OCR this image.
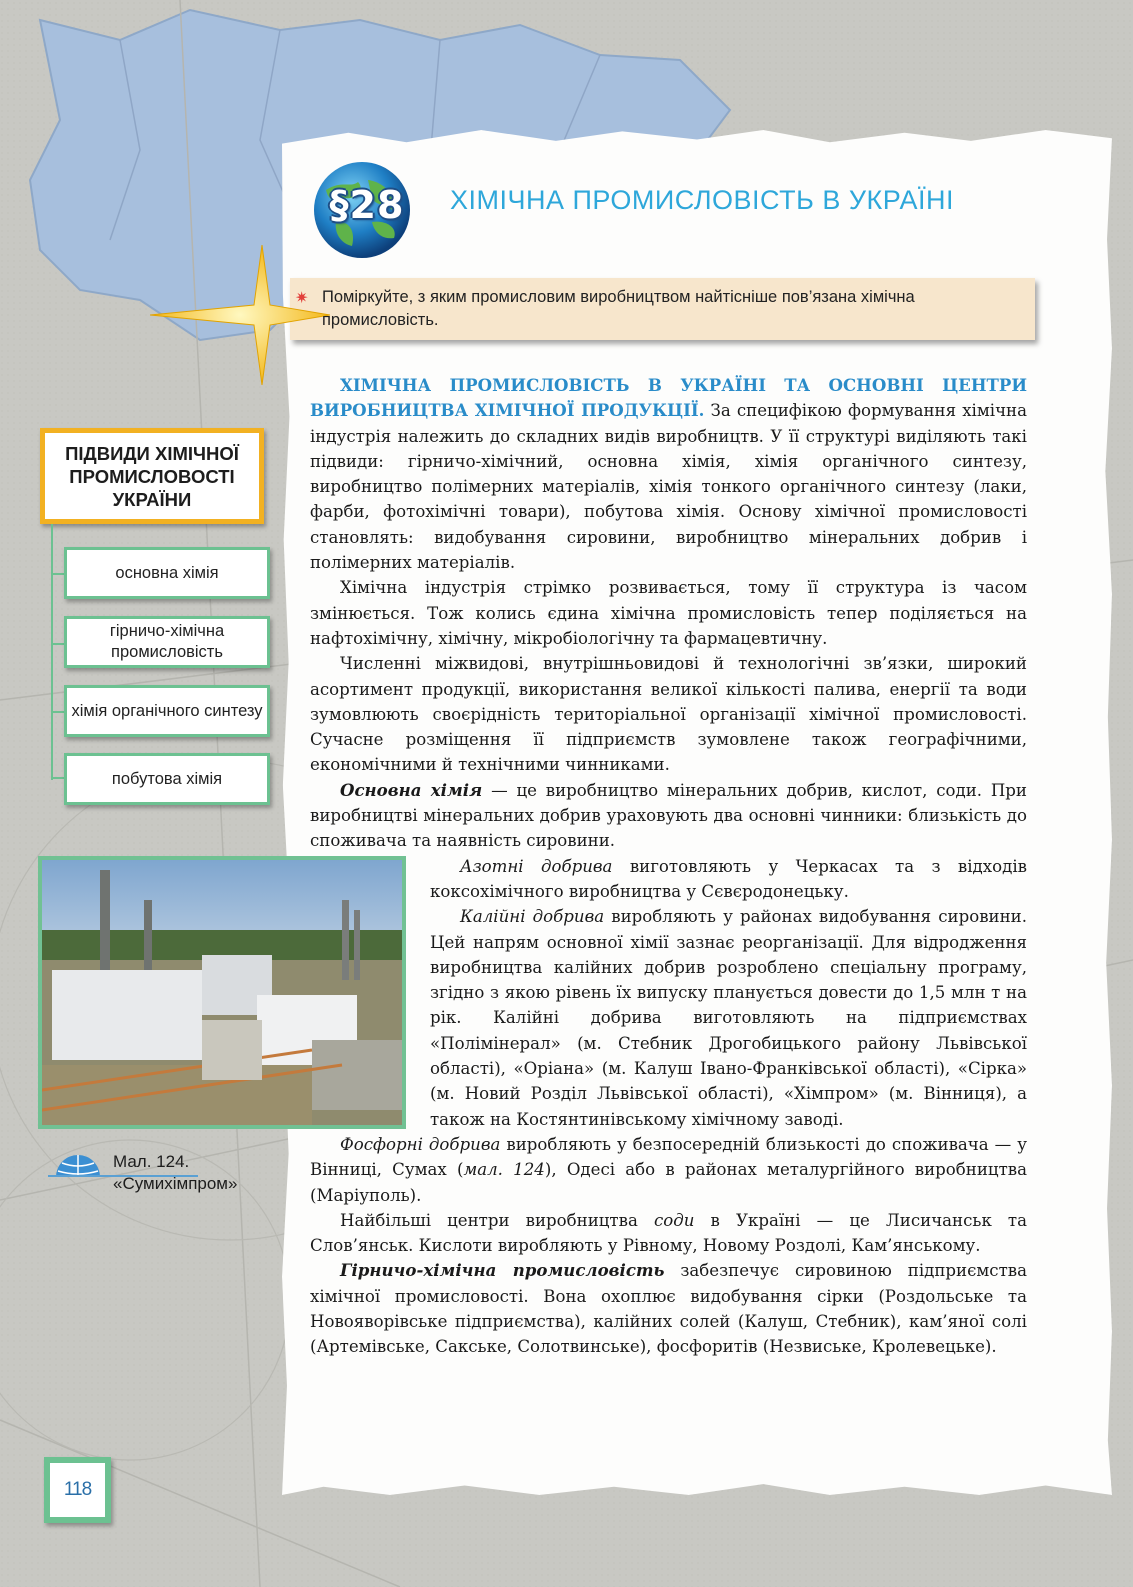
§28	ХІМІЧНА ПРОМИСЛОВІСТЬ В УКРАЇНІ
✷ Поміркуйте, з яким промисловим виробництвом найтісніше пов’язана хімічна промисловість.

ХІМІЧНА ПРОМИСЛОВІСТЬ В УКРАЇНІ ТА ОСНОВНІ ЦЕНТРИ ВИРОБНИЦТВА ХІМІЧНОЇ ПРОДУКЦІЇ. За специфікою формування хімічна індустрія належить до складних видів виробництв. У її структурі виділяють такі підвиди: гірничо-хімічний, основна хімія, хімія органічного синтезу, виробництво полімерних матеріалів, хімія тонкого органічного синтезу (лаки, фарби, фотохімічні товари), побутова хімія. Основу хімічної промисловості становлять: видобування сировини, виробництво мінеральних добрив і полімерних матеріалів.

Хімічна індустрія стрімко розвивається, тому її структура із часом змінюється. Тож колись єдина хімічна промисловість тепер поділяється на нафтохімічну, хімічну, мікробіологічну та фармацевтичну.

Численні міжвидові, внутрішньовидові й технологічні зв’язки, широкий асортимент продукції, використання великої кількості палива, енергії та води зумовлюють своєрідність територіальної організації хімічної промисловості. Сучасне розміщення її підприємств зумовлене також географічними, економічними й технічними чинниками.

Основна хімія — це виробництво мінеральних добрив, кислот, соди. При виробництві мінеральних добрив ураховують два основні чинники: близькість до споживача та наявність сировини.

Азотні добрива виготовляють у Черкасах та з відходів коксохімічного виробництва у Сєвєродонецьку.

Калійні добрива виробляють у районах видобування сировини. Цей напрям основної хімії зазнає реорганізації. Для відродження виробництва калійних добрив розроблено спеціальну програму, згідно з якою рівень їх випуску планується довести до 1,5 млн т на рік. Калійні добрива виготовляють на підприємствах «Полімінерал» (м. Стебник Дрогобицького району Львівської області), «Оріана» (м. Калуш Івано-Франківської області), «Сірка» (м. Новий Розділ Львівської області), «Хімпром» (м. Вінниця), а також на Костянтинівському хімічному заводі.

Фосфорні добрива виробляють у безпосередній близькості до споживача — у Вінниці, Сумах (мал. 124), Одесі або в районах металургійного виробництва (Маріуполь).

Найбільші центри виробництва соди в Україні — це Лисичанськ та Слов’янськ. Кислоти виробляють у Рівному, Новому Роздолі, Кам’янському.

Гірничо-хімічна промисловість забезпечує сировиною підприємства хімічної промисловості. Вона охоплює видобування сірки (Роздольське та Новояворівське підприємства), калійних солей (Калуш, Стебник), кам’яної солі (Артемівське, Сакське, Солотвинське), фосфоритів (Незвиське, Кролевецьке).

ПІДВИДИ ХІМІЧНОЇ ПРОМИСЛОВОСТІ УКРАЇНИ
основна хімія
гірничо-хімічна промисловість
хімія органічного синтезу
побутова хімія
Мал. 124.
«Сумихімпром»
118
